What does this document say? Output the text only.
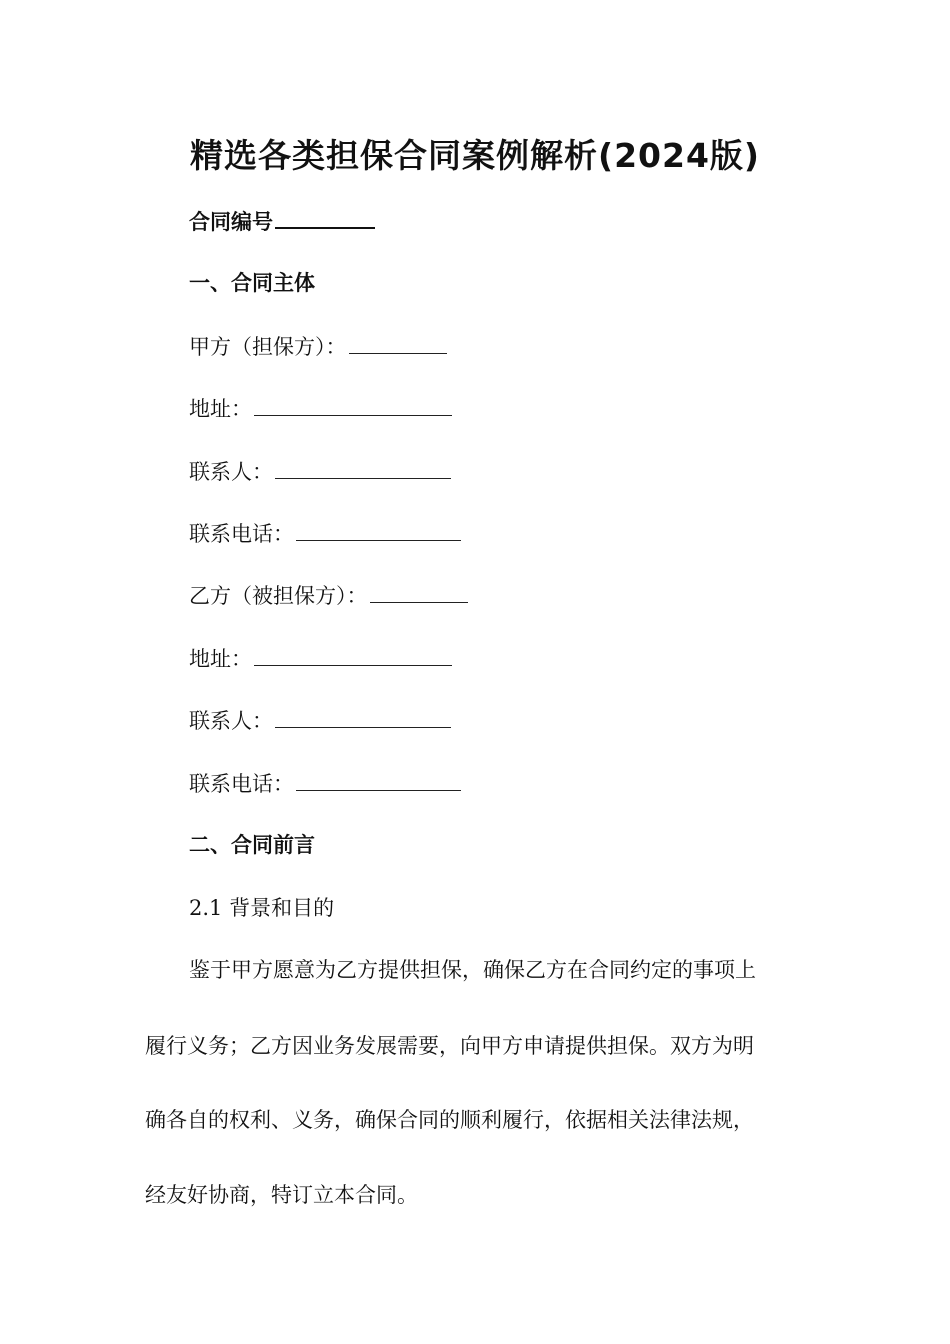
精选各类担保合同案例解析(2024版)
合同编号
一、合同主体
甲方（担保方）：
地址：
联系人：
联系电话：
乙方（被担保方）：
地址：
联系人：
联系电话：
二、合同前言
2.1 背景和目的
鉴于甲方愿意为乙方提供担保，确保乙方在合同约定的事项上
履行义务；乙方因业务发展需要，向甲方申请提供担保。双方为明
确各自的权利、义务，确保合同的顺利履行，依据相关法律法规，
经友好协商，特订立本合同。
